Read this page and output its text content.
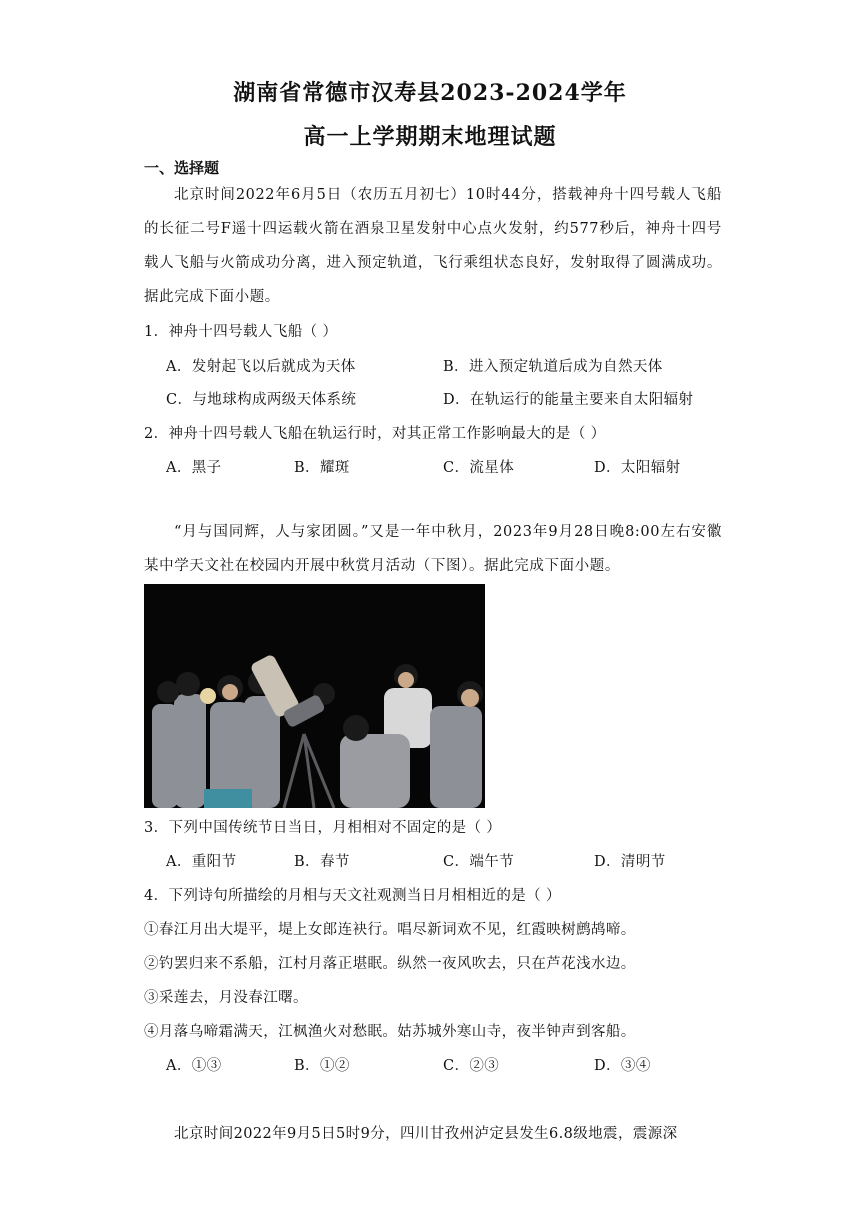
湖南省常德市汉寿县2023-2024学年
高一上学期期末地理试题
一、选择题
北京时间2022年6月5日（农历五月初七）10时44分，搭载神舟十四号载人飞船的长征二号F遥十四运载火箭在酒泉卫星发射中心点火发射，约577秒后，神舟十四号载人飞船与火箭成功分离，进入预定轨道，飞行乘组状态良好，发射取得了圆满成功。据此完成下面小题。
1．神舟十四号载人飞船（ ）
A．发射起飞以后就成为天体	B．进入预定轨道后成为自然天体
C．与地球构成两级天体系统	D．在轨运行的能量主要来自太阳辐射
2．神舟十四号载人飞船在轨运行时，对其正常工作影响最大的是（ ）
A．黑子	B．耀斑	C．流星体	D．太阳辐射
“月与国同辉，人与家团圆。”又是一年中秋月，2023年9月28日晚8:00左右安徽某中学天文社在校园内开展中秋赏月活动（下图）。据此完成下面小题。
3．下列中国传统节日当日，月相相对不固定的是（ ）
A．重阳节	B．春节	C．端午节	D．清明节
4．下列诗句所描绘的月相与天文社观测当日月相相近的是（ ）
①春江月出大堤平，堤上女郎连袂行。唱尽新词欢不见，红霞映树鹧鸪啼。
②钓罢归来不系船，江村月落正堪眠。纵然一夜风吹去，只在芦花浅水边。
③采莲去，月没春江曙。
④月落乌啼霜满天，江枫渔火对愁眠。姑苏城外寒山寺，夜半钟声到客船。
A．①③	B．①②	C．②③	D．③④
北京时间2022年9月5日5时9分，四川甘孜州泸定县发生6.8级地震，震源深
